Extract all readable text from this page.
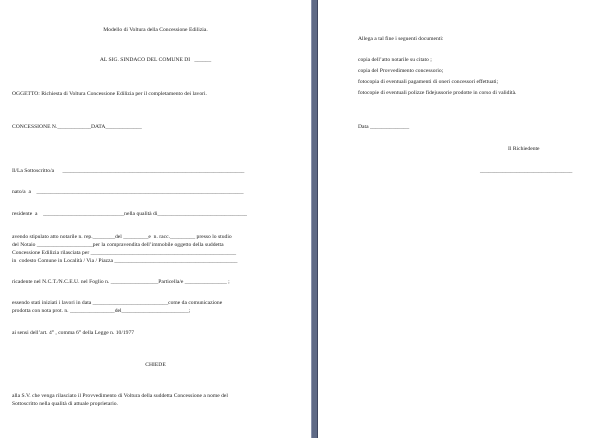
Modello di Voltura della Concessione Edilizia.
AL SIG. SINDACO DEL COMUNE DI   ______
OGGETTO: Richiesta di Voltura Concessione Edilizia per il completamento dei lavori.
CONCESSIONE N.____________DATA_____________
Il/La Sottoscritto/a      _________________________________________________________________
nato/a  a    __________________________________________________________________________
residente  a    _____________________________nella qualità di________________________________
avendo stipulato atto notarile n. rep.________del _________e  n. racc._________ presso lo studio
del Notaio ____________________per la compravendita dell’immobile oggetto della suddetta
Concessione Edilizia rilasciata per ____________________________________________________
in  codesto Comune in Località / Via / Piazza ____________________________________________
ricadente nel N.C.T./N.C.E.U. nel Foglio n. _________________Particella/e _______________ ;
essendo stati iniziati i lavori in data ___________________________come da comunicazione
prodotta con nota prot. n. ________________del________________________;
ai sensi dell’art. 4° , comma 6° della Legge n. 10/1977
CHIEDE
alla S.V. che venga rilasciato il Provvedimento di Voltura della suddetta Concessione a nome del
Sottoscritto nella qualità di attuale proprietario.
Allega a tal fine i seguenti documenti:
copia dell’atto notarile su citato ;
copia del Provvedimento concessorio;
fotocopia di eventuali pagamenti di oneri concessori effettuati;
fotocopie di eventuali polizze fidejussorie prodotte in corso di validità.
Data ______________
Il Richiedente
_________________________________
